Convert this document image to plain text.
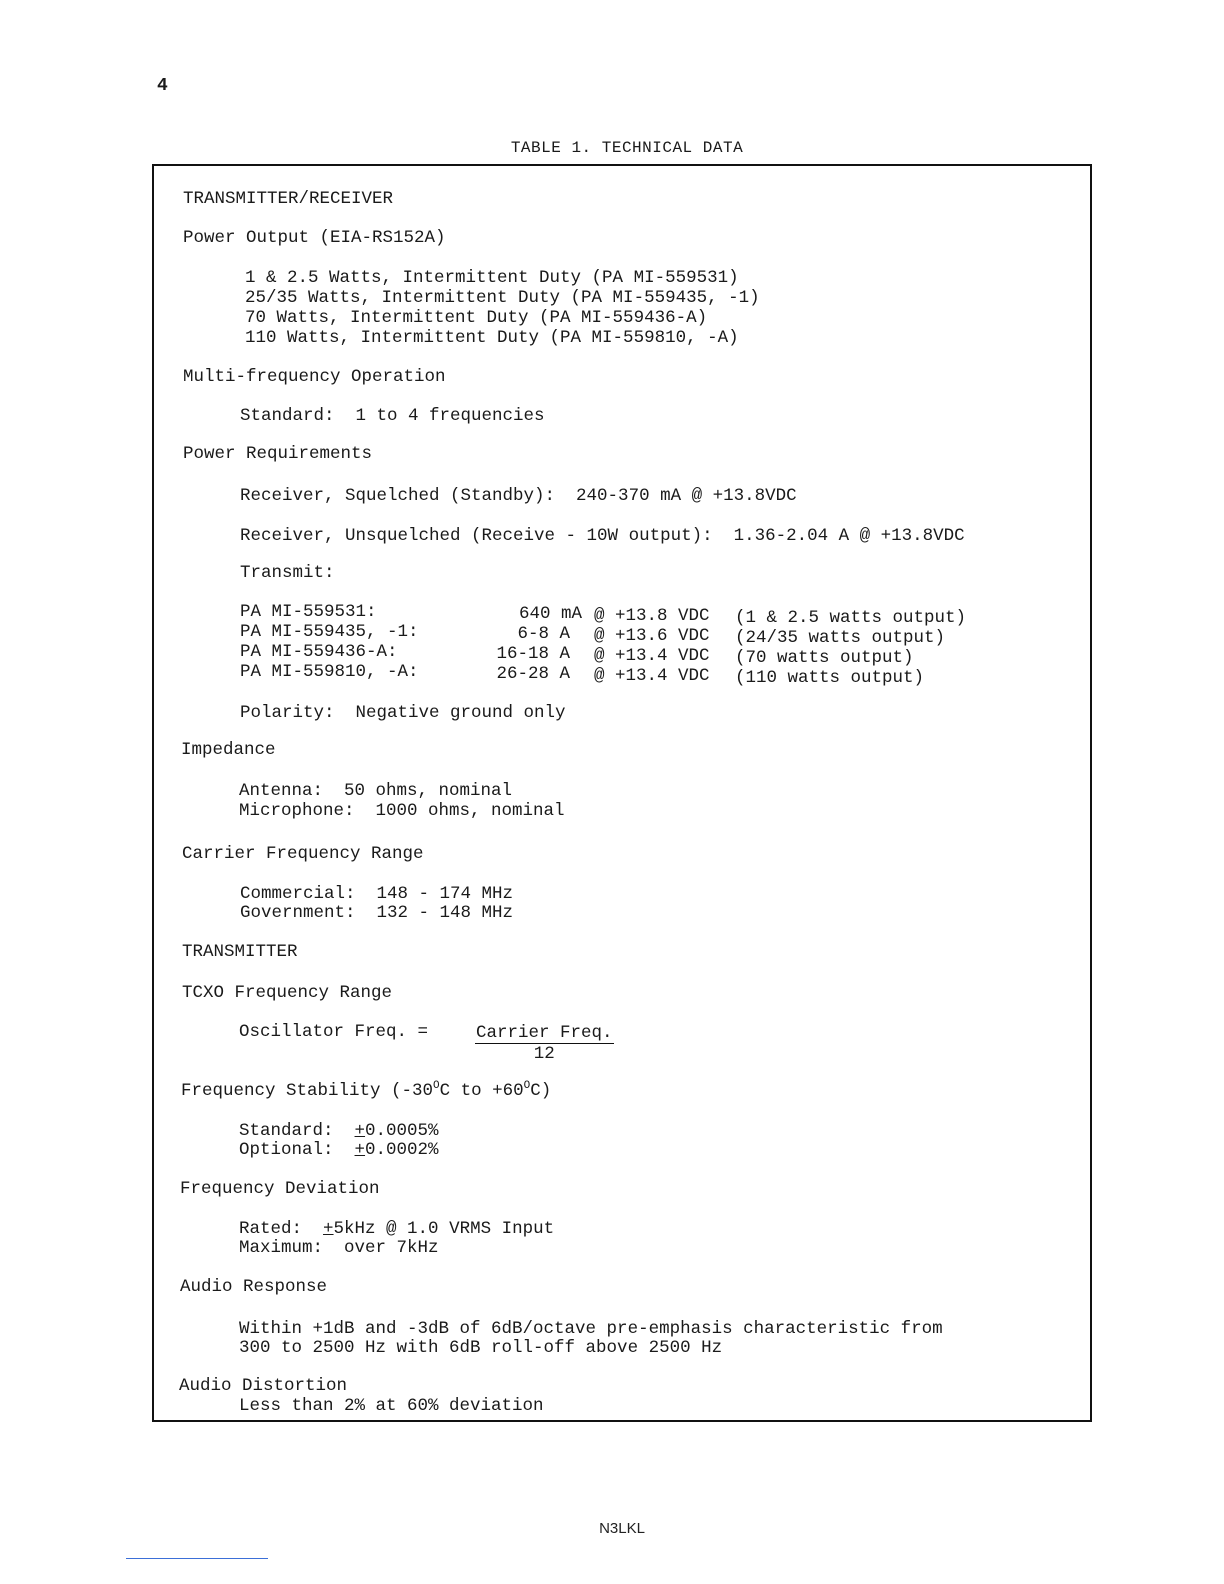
4
TABLE 1. TECHNICAL DATA
TRANSMITTER/RECEIVER
Power Output (EIA-RS152A)
1 & 2.5 Watts, Intermittent Duty (PA MI-559531)
25/35 Watts, Intermittent Duty (PA MI-559435, -1)
70 Watts, Intermittent Duty (PA MI-559436-A)
110 Watts, Intermittent Duty (PA MI-559810, -A)
Multi-frequency Operation
Standard:  1 to 4 frequencies
Power Requirements
Receiver, Squelched (Standby):  240-370 mA @ +13.8VDC
Receiver, Unsquelched (Receive - 10W output):  1.36-2.04 A @ +13.8VDC
Transmit:
PA MI-559531:	640 mA @ +13.8 VDC (1 & 2.5 watts output)
PA MI-559435, -1:	6-8 A @ +13.6 VDC (24/35 watts output)
PA MI-559436-A:	16-18 A @ +13.4 VDC (70 watts output)
PA MI-559810, -A:	26-28 A @ +13.4 VDC (110 watts output)
Polarity:  Negative ground only
Impedance
Antenna:  50 ohms, nominal
Microphone:  1000 ohms, nominal
Carrier Frequency Range
Commercial:  148 - 174 MHz
Government:  132 - 148 MHz
TRANSMITTER
TCXO Frequency Range
Oscillator Freq. =	Carrier Freq.
12
Frequency Stability ($-30^OC$ to $+60^OC$)
Standard: +0.0005%
Optional: +0.0002%
Frequency Deviation
Rated: +5kHz @ 1.0 VRMS Input
Maximum:  over 7kHz
Audio Response
Within +1dB and -3dB of 6dB/octave pre-emphasis characteristic from
300 to 2500 Hz with 6dB roll-off above 2500 Hz
Audio Distortion
Less than 2% at 60% deviation
N3LKL
